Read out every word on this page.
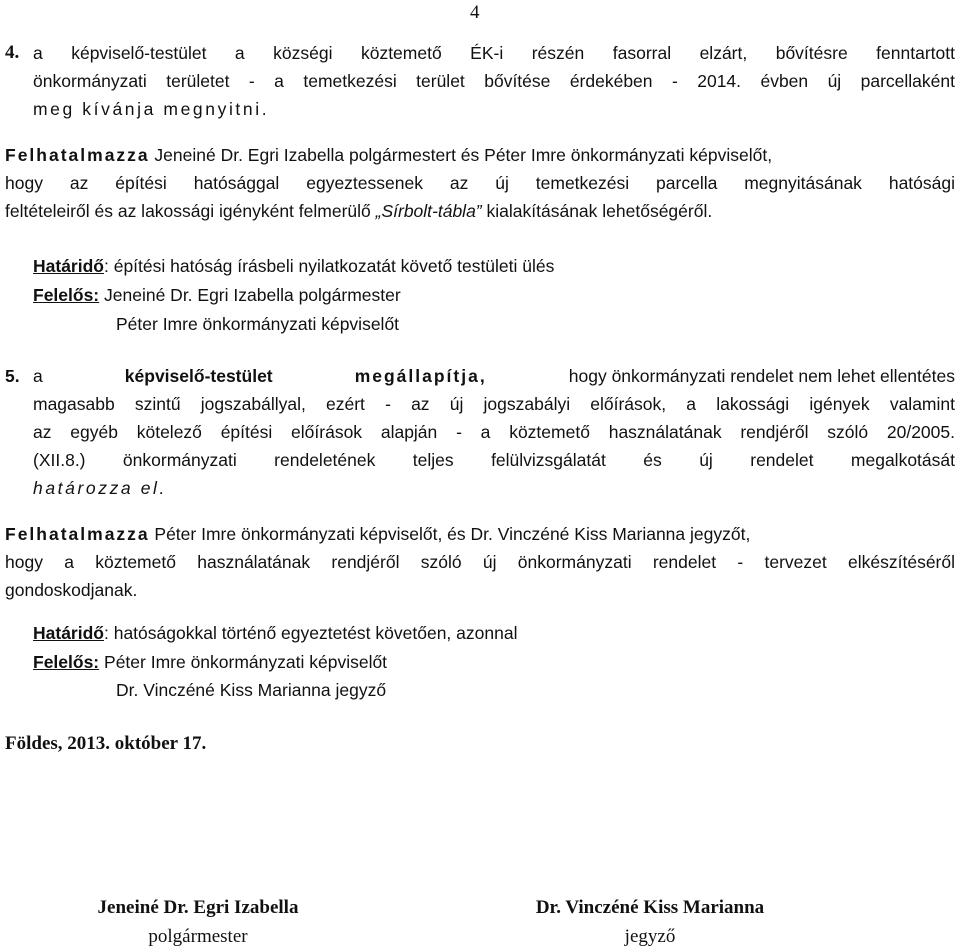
4
4. a képviselő-testület a községi köztemető ÉK-i részén fasorral elzárt, bővítésre fenntartott
önkormányzati területet - a temetkezési terület bővítése érdekében - 2014. évben új parcellaként
meg kívánja megnyitni.
Felhatalmazza Jeneiné Dr. Egri Izabella polgármestert és Péter Imre önkormányzati képviselőt,
hogy az építési hatósággal egyeztessenek az új temetkezési parcella megnyitásának hatósági
feltételeiről és az lakossági igényként felmerülő „Sírbolt-tábla” kialakításának lehetőségéről.
Határidő: építési hatóság írásbeli nyilatkozatát követő testületi ülés
Felelős: Jeneiné Dr. Egri Izabella polgármester
Péter Imre önkormányzati képviselőt
5. a	képviselő-testület	megállapítja,	hogy önkormányzati rendelet nem lehet ellentétes
magasabb szintű jogszabállyal, ezért - az új jogszabályi előírások, a lakossági igények valamint
az egyéb kötelező építési előírások alapján - a köztemető használatának rendjéről szóló 20/2005.
(XII.8.) önkormányzati rendeletének teljes felülvizsgálatát és új rendelet megalkotását
határozza el.
Felhatalmazza Péter Imre önkormányzati képviselőt, és Dr. Vinczéné Kiss Marianna jegyzőt,
hogy a köztemető használatának rendjéről szóló új önkormányzati rendelet - tervezet elkészítéséről
gondoskodjanak.
Határidő: hatóságokkal történő egyeztetést követően, azonnal
Felelős: Péter Imre önkormányzati képviselőt
Dr. Vinczéné Kiss Marianna jegyző
Földes, 2013. október 17.
Jeneiné Dr. Egri Izabella
polgármester
Dr. Vinczéné Kiss Marianna
jegyző
